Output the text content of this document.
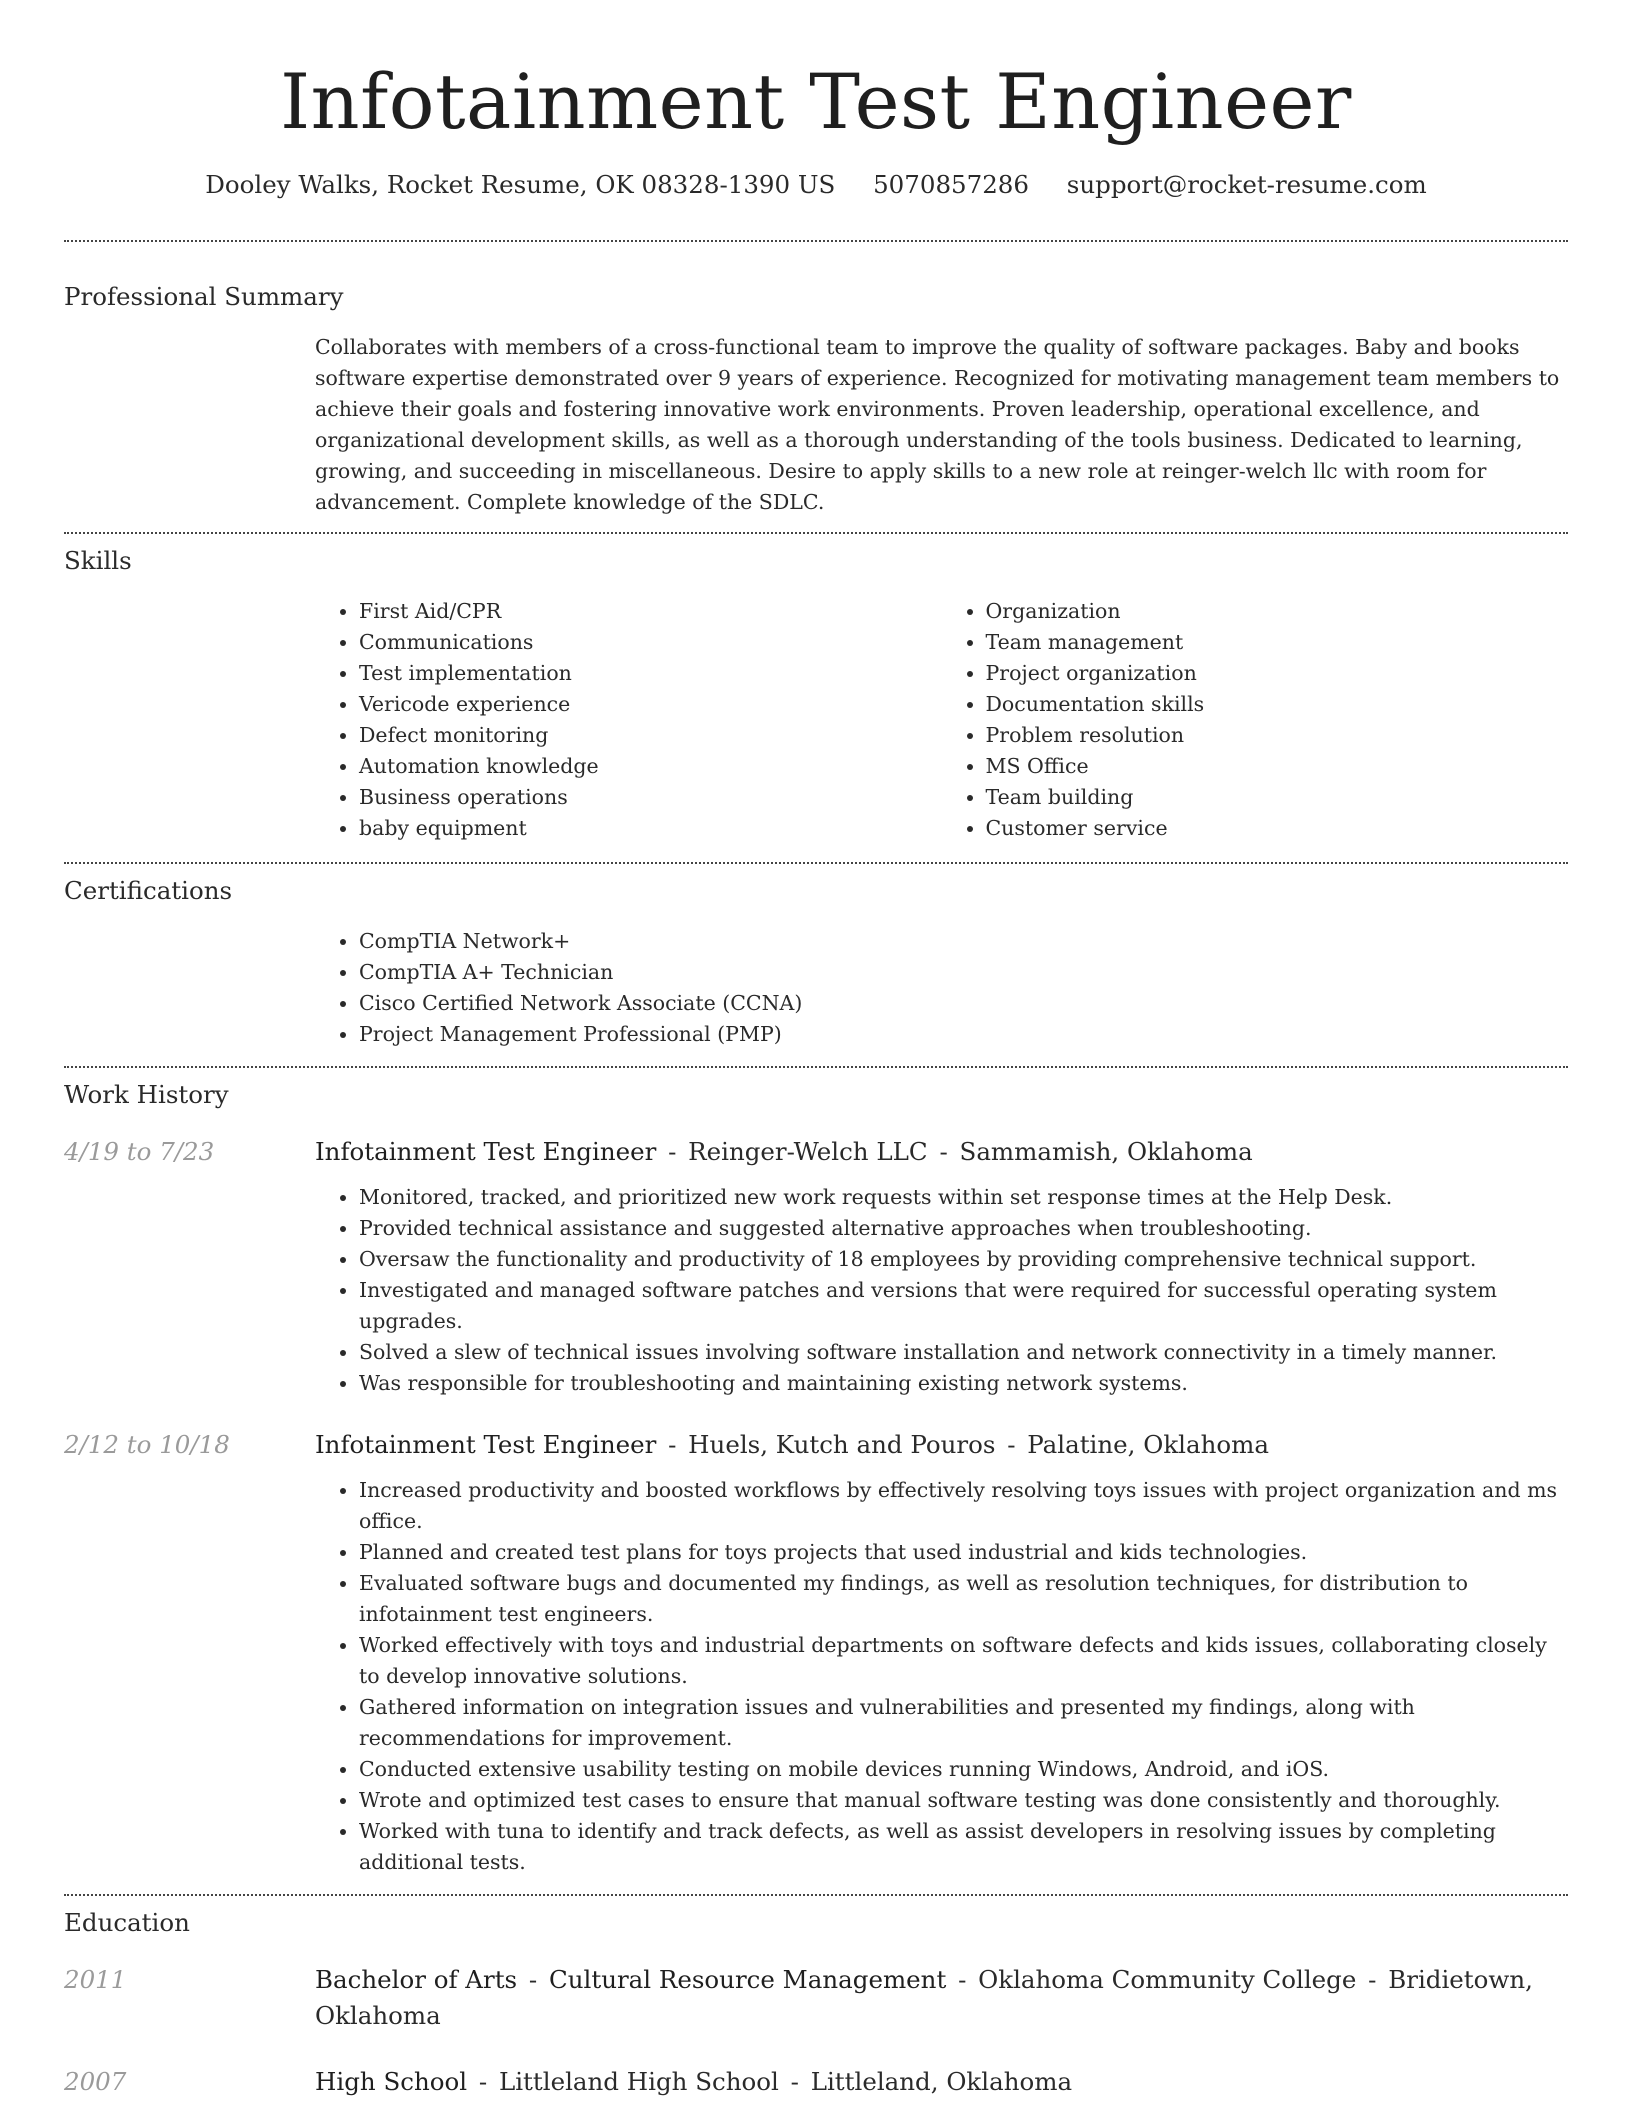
Infotainment Test Engineer
Dooley Walks, Rocket Resume, OK 08328-1390 US 5070857286 support@rocket-resume.com
Professional Summary
Collaborates with members of a cross-functional team to improve the quality of software packages. Baby and books software expertise demonstrated over 9 years of experience. Recognized for motivating management team members to achieve their goals and fostering innovative work environments. Proven leadership, operational excellence, and organizational development skills, as well as a thorough understanding of the tools business. Dedicated to learning, growing, and succeeding in miscellaneous. Desire to apply skills to a new role at reinger-welch llc with room for advancement. Complete knowledge of the SDLC.
Skills
• First Aid/CPR
• Communications
• Test implementation
• Vericode experience
• Defect monitoring
• Automation knowledge
• Business operations
• baby equipment
• Organization
• Team management
• Project organization
• Documentation skills
• Problem resolution
• MS Office
• Team building
• Customer service
Certifications
• CompTIA Network+
• CompTIA A+ Technician
• Cisco Certified Network Associate (CCNA)
• Project Management Professional (PMP)
Work History
4/19 to 7/23	Infotainment Test Engineer - Reinger-Welch LLC - Sammamish, Oklahoma
• Monitored, tracked, and prioritized new work requests within set response times at the Help Desk.
• Provided technical assistance and suggested alternative approaches when troubleshooting.
• Oversaw the functionality and productivity of 18 employees by providing comprehensive technical support.
• Investigated and managed software patches and versions that were required for successful operating system upgrades.
• Solved a slew of technical issues involving software installation and network connectivity in a timely manner.
• Was responsible for troubleshooting and maintaining existing network systems.
2/12 to 10/18	Infotainment Test Engineer - Huels, Kutch and Pouros - Palatine, Oklahoma
• Increased productivity and boosted workflows by effectively resolving toys issues with project organization and ms office.
• Planned and created test plans for toys projects that used industrial and kids technologies.
• Evaluated software bugs and documented my findings, as well as resolution techniques, for distribution to infotainment test engineers.
• Worked effectively with toys and industrial departments on software defects and kids issues, collaborating closely to develop innovative solutions.
• Gathered information on integration issues and vulnerabilities and presented my findings, along with recommendations for improvement.
• Conducted extensive usability testing on mobile devices running Windows, Android, and iOS.
• Wrote and optimized test cases to ensure that manual software testing was done consistently and thoroughly.
• Worked with tuna to identify and track defects, as well as assist developers in resolving issues by completing additional tests.
Education
2011	Bachelor of Arts - Cultural Resource Management - Oklahoma Community College - Bridietown, Oklahoma
2007	High School - Littleland High School - Littleland, Oklahoma
